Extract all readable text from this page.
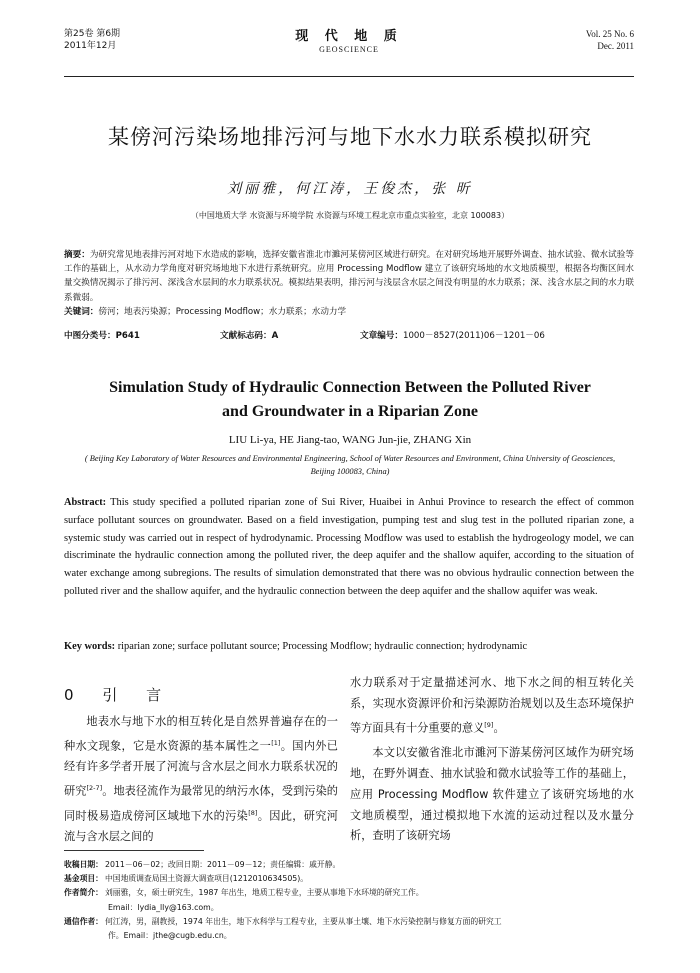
第25卷 第6期
2011年12月
现 代 地 质
GEOSCIENCE
Vol. 25 No. 6
Dec. 2011
某傍河污染场地排污河与地下水水力联系模拟研究
刘丽雅，何江涛，王俊杰，张 昕
（中国地质大学 水资源与环境学院 水资源与环境工程北京市重点实验室，北京 100083）
摘要：为研究常见地表排污河对地下水造成的影响，选择安徽省淮北市濉河某傍河区域进行研究。在对研究场地开展野外调查、抽水试验、微水试验等工作的基础上，从水动力学角度对研究场地地下水进行系统研究。应用 Processing Modflow 建立了该研究场地的水文地质模型，根据各均衡区间水量交换情况揭示了排污河、深浅含水层间的水力联系状况。模拟结果表明，排污河与浅层含水层之间没有明显的水力联系；深、浅含水层之间的水力联系微弱。
关键词：傍河；地表污染源；Processing Modflow；水力联系；水动力学
中图分类号：P641	文献标志码：A	文章编号： 1000－8527(2011)06－1201－06
Simulation Study of Hydraulic Connection Between the Polluted River
and Groundwater in a Riparian Zone
LIU Li-ya, HE Jiang-tao, WANG Jun-jie, ZHANG Xin
( Beijing Key Laboratory of Water Resources and Environmental Engineering, School of Water Resources and Environment, China University of Geosciences, Beijing 100083, China)
Abstract: This study specified a polluted riparian zone of Sui River, Huaibei in Anhui Province to research the effect of common surface pollutant sources on groundwater. Based on a field investigation, pumping test and slug test in the polluted riparian zone, a systemic study was carried out in respect of hydrodynamic. Processing Modflow was used to establish the hydrogeology model, we can discriminate the hydraulic connection among the polluted river, the deep aquifer and the shallow aquifer, according to the situation of water exchange among subregions. The results of simulation demonstrated that there was no obvious hydraulic connection between the polluted river and the shallow aquifer, and the hydraulic connection between the deep aquifer and the shallow aquifer was weak.
Key words: riparian zone; surface pollutant source; Processing Modflow; hydraulic connection; hydrodynamic
0 引 言
地表水与地下水的相互转化是自然界普遍存在的一种水文现象，它是水资源的基本属性之一[1]。国内外已经有许多学者开展了河流与含水层之间水力联系状况的研究[2-7]。地表径流作为最常见的纳污水体，受到污染的同时极易造成傍河区域地下水的污染[8]。因此，研究河流与含水层之间的
水力联系对于定量描述河水、地下水之间的相互转化关系，实现水资源评价和污染源防治规划以及生态环境保护等方面具有十分重要的意义[9]。
本文以安徽省淮北市濉河下游某傍河区域作为研究场地，在野外调查、抽水试验和微水试验等工作的基础上，应用 Processing Modflow 软件建立了该研究场地的水文地质模型，通过模拟地下水流的运动过程以及水量分析，查明了该研究场
收稿日期： 2011－06－02；改回日期：2011－09－12；责任编辑：戚开静。
基金项目： 中国地质调查局国土资源大调查项目(1212010634505)。
作者简介： 刘丽雅，女，硕士研究生，1987 年出生，地质工程专业，主要从事地下水环境的研究工作。
Email：lydia_lly@163.com。
通信作者： 何江涛，男，副教授，1974 年出生，地下水科学与工程专业，主要从事土壤、地下水污染控制与修复方面的研究工
作。Email：jthe@cugb.edu.cn。
